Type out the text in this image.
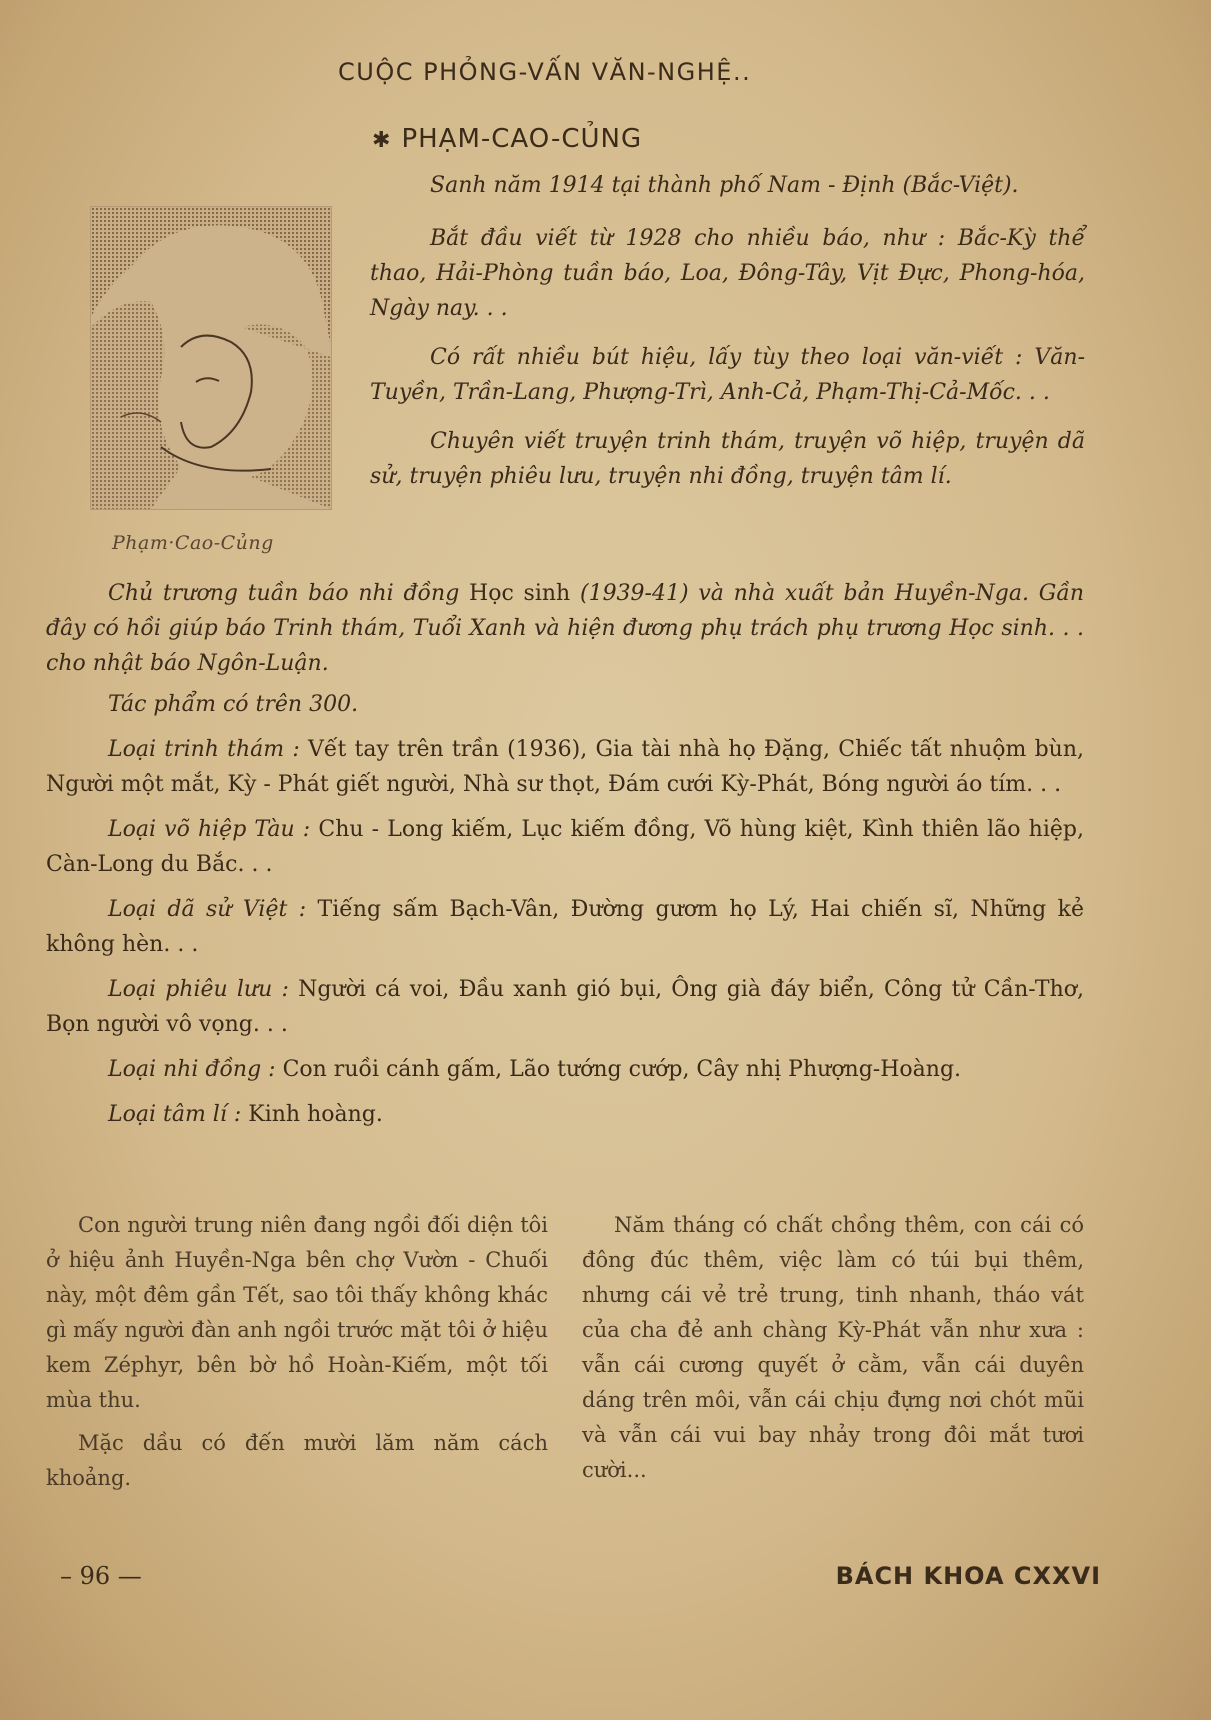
CUỘC PHỎNG-VẤN VĂN-NGHỆ..
✱ PHẠM-CAO-CỦNG
Phạm·Cao-Củng

Sanh năm 1914 tại thành phố Nam - Định (Bắc-Việt).

Bắt đầu viết từ 1928 cho nhiều báo, như : Bắc-Kỳ thể thao, Hải-Phòng tuần báo, Loa, Đông-Tây, Vịt Đực, Phong-hóa, Ngày nay. . .

Có rất nhiều bút hiệu, lấy tùy theo loại văn-viết : Văn-Tuyền, Trần-Lang, Phượng-Trì, Anh-Cả, Phạm-Thị-Cả-Mốc. . .

Chuyên viết truyện trinh thám, truyện võ hiệp, truyện dã sử, truyện phiêu lưu, truyện nhi đồng, truyện tâm lí.

Chủ trương tuần báo nhi đồng Học sinh (1939-41) và nhà xuất bản Huyền-Nga. Gần đây có hồi giúp báo Trinh thám, Tuổi Xanh và hiện đương phụ trách phụ trương Học sinh. . . cho nhật báo Ngôn-Luận.

Tác phẩm có trên 300.

Loại trinh thám : Vết tay trên trần (1936), Gia tài nhà họ Đặng, Chiếc tất nhuộm bùn, Người một mắt, Kỳ - Phát giết người, Nhà sư thọt, Đám cưới Kỳ-Phát, Bóng người áo tím. . .

Loại võ hiệp Tàu : Chu - Long kiếm, Lục kiếm đồng, Võ hùng kiệt, Kình thiên lão hiệp, Càn-Long du Bắc. . .

Loại dã sử Việt : Tiếng sấm Bạch-Vân, Đường gươm họ Lý, Hai chiến sĩ, Những kẻ không hèn. . .

Loại phiêu lưu : Người cá voi, Đầu xanh gió bụi, Ông già đáy biển, Công tử Cần-Thơ, Bọn người vô vọng. . .

Loại nhi đồng : Con ruồi cánh gấm, Lão tướng cướp, Cây nhị Phượng-Hoàng.

Loại tâm lí : Kinh hoàng.

Con người trung niên đang ngồi đối diện tôi ở hiệu ảnh Huyền-Nga bên chợ Vườn - Chuối này, một đêm gần Tết, sao tôi thấy không khác gì mấy người đàn anh ngồi trước mặt tôi ở hiệu kem Zéphyr, bên bờ hồ Hoàn-Kiếm, một tối mùa thu.

Mặc dầu có đến mười lăm năm cách khoảng.

Năm tháng có chất chồng thêm, con cái có đông đúc thêm, việc làm có túi bụi thêm, nhưng cái vẻ trẻ trung, tinh nhanh, tháo vát của cha đẻ anh chàng Kỳ-Phát vẫn như xưa : vẫn cái cương quyết ở cằm, vẫn cái duyên dáng trên môi, vẫn cái chịu đựng nơi chót mũi và vẫn cái vui bay nhảy trong đôi mắt tươi cười...

– 96 —	BÁCH KHOA CXXVI
